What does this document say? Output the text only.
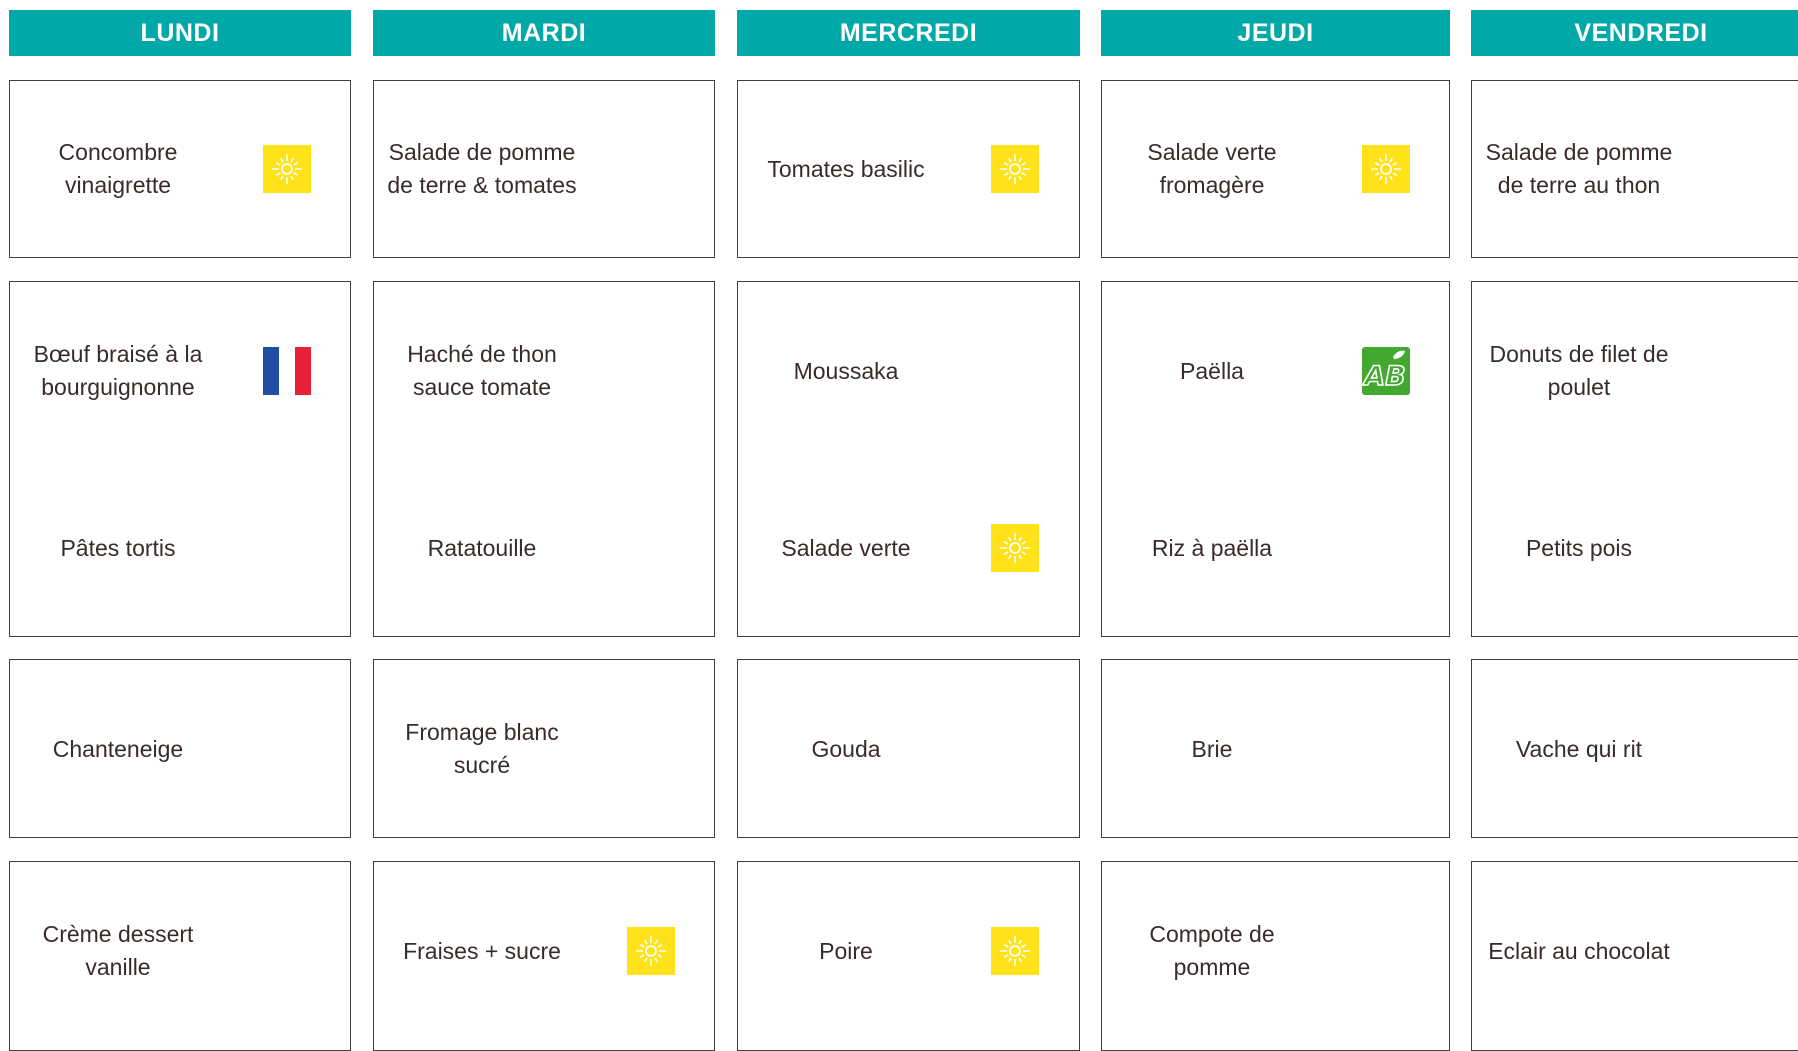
LUNDI
Concombre
vinaigrette
Bœuf braisé à la
bourguignonne
Pâtes tortis
Chanteneige
Crème dessert
vanille
MARDI
Salade de pomme
de terre & tomates
Haché de thon
sauce tomate
Ratatouille
Fromage blanc
sucré
Fraises + sucre
MERCREDI
Tomates basilic
Moussaka
Salade verte
Gouda
Poire
JEUDI
Salade verte
fromagère
Paëlla	AB
Riz à paëlla
Brie
Compote de
pomme
VENDREDI
Salade de pomme
de terre au thon
Donuts de filet de
poulet
Petits pois
Vache qui rit
Eclair au chocolat
